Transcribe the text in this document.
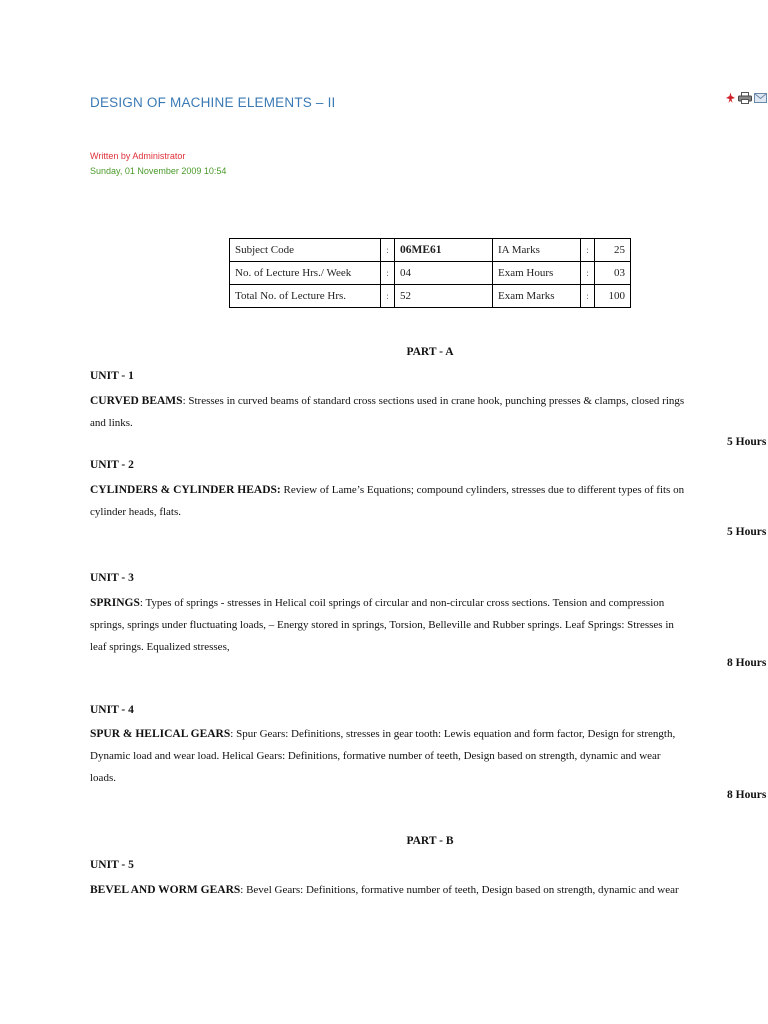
DESIGN OF MACHINE ELEMENTS – II
Written by Administrator
Sunday, 01 November 2009 10:54
Subject Code	:	06ME61	IA Marks	:	25
No. of Lecture Hrs./ Week	:	04	Exam Hours	:	03
Total No. of Lecture Hrs.	:	52	Exam Marks	:	100
PART - A
UNIT - 1
CURVED BEAMS: Stresses in curved beams of standard cross sections used in crane hook, punching presses & clamps, closed rings
and links.
5 Hours
UNIT - 2
CYLINDERS & CYLINDER HEADS: Review of Lame’s Equations; compound cylinders, stresses due to different types of fits on
cylinder heads, flats.
5 Hours
UNIT - 3
SPRINGS: Types of springs - stresses in Helical coil springs of circular and non-circular cross sections. Tension and compression
springs, springs under fluctuating loads, – Energy stored in springs, Torsion, Belleville and Rubber springs. Leaf Springs: Stresses in
leaf springs. Equalized stresses,
8 Hours
UNIT - 4
SPUR & HELICAL GEARS: Spur Gears: Definitions, stresses in gear tooth: Lewis equation and form factor, Design for strength,
Dynamic load and wear load. Helical Gears: Definitions, formative number of teeth, Design based on strength, dynamic and wear
loads.
8 Hours
PART - B
UNIT - 5
BEVEL AND WORM GEARS: Bevel Gears: Definitions, formative number of teeth, Design based on strength, dynamic and wear
